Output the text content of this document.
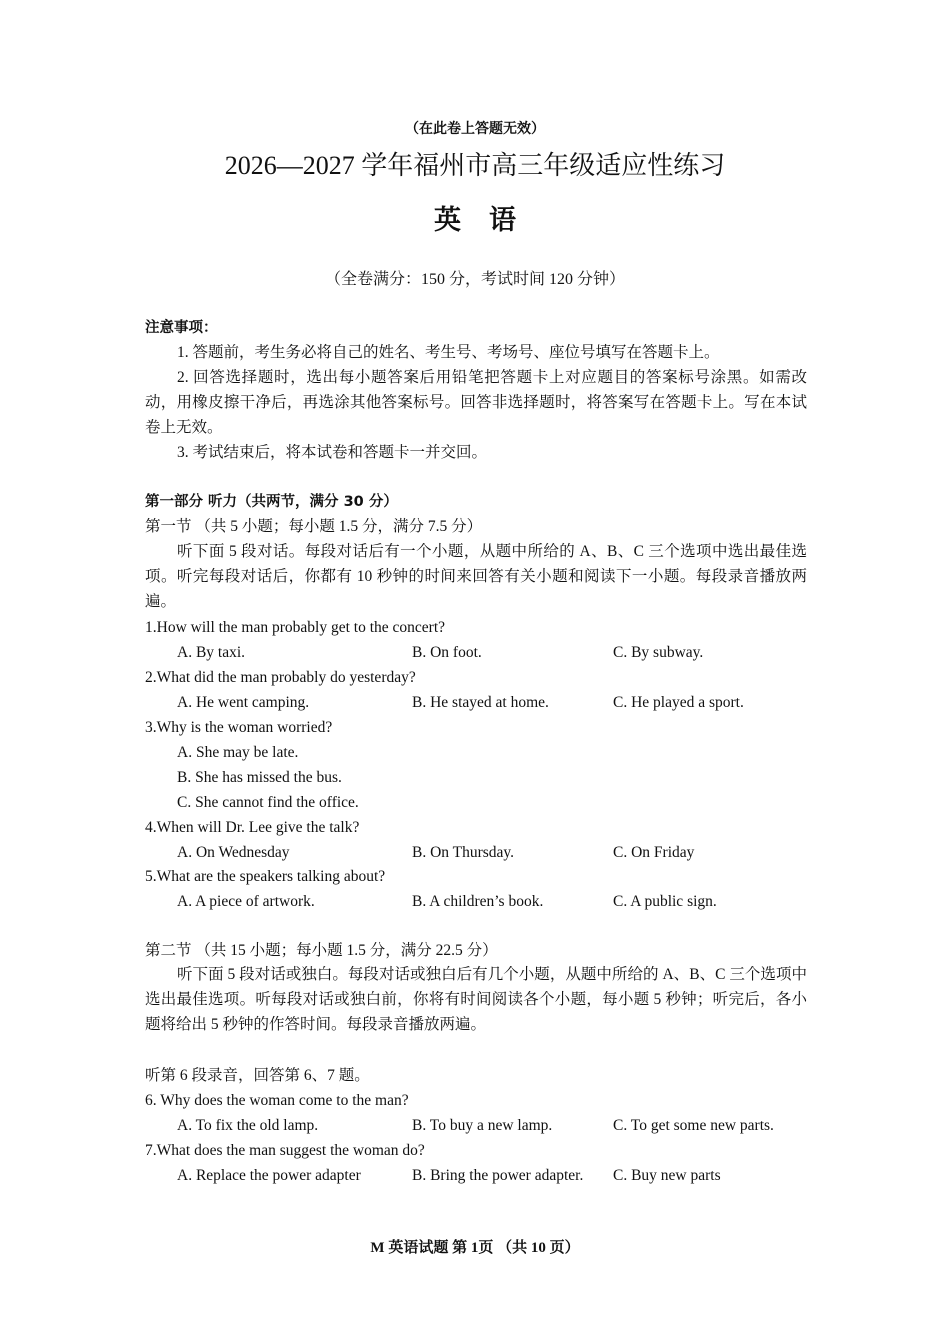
（在此卷上答题无效）
2026—2027 学年福州市高三年级适应性练习
英语
（全卷满分：150 分，考试时间 120 分钟）
注意事项：
1. 答题前，考生务必将自己的姓名、考生号、考场号、座位号填写在答题卡上。
2. 回答选择题时，选出每小题答案后用铅笔把答题卡上对应题目的答案标号涂黑。如需改动，用橡皮擦干净后，再选涂其他答案标号。回答非选择题时，将答案写在答题卡上。写在本试卷上无效。
3. 考试结束后，将本试卷和答题卡一并交回。
第一部分 听力（共两节，满分 30 分）
第一节 （共 5 小题；每小题 1.5 分，满分 7.5 分）
听下面 5 段对话。每段对话后有一个小题，从题中所给的 A、B、C 三个选项中选出最佳选项。听完每段对话后，你都有 10 秒钟的时间来回答有关小题和阅读下一小题。每段录音播放两遍。
1.How will the man probably get to the concert?
A. By taxi.	B. On foot.	C. By subway.
2.What did the man probably do yesterday?
A. He went camping.	B. He stayed at home.	C. He played a sport.
3.Why is the woman worried?
A. She may be late.
B. She has missed the bus.
C. She cannot find the office.
4.When will Dr. Lee give the talk?
A. On Wednesday	B. On Thursday.	C. On Friday
5.What are the speakers talking about?
A. A piece of artwork.	B. A children’s book.	C. A public sign.
第二节 （共 15 小题；每小题 1.5 分，满分 22.5 分）
听下面 5 段对话或独白。每段对话或独白后有几个小题，从题中所给的 A、B、C 三个选项中选出最佳选项。听每段对话或独白前，你将有时间阅读各个小题，每小题 5 秒钟；听完后，各小题将给出 5 秒钟的作答时间。每段录音播放两遍。
听第 6 段录音，回答第 6、7 题。
6. Why does the woman come to the man?
A. To fix the old lamp.	B. To buy a new lamp.	C. To get some new parts.
7.What does the man suggest the woman do?
A. Replace the power adapter	B. Bring the power adapter. C. Buy new parts
M 英语试题 第 1页 （共 10 页）
